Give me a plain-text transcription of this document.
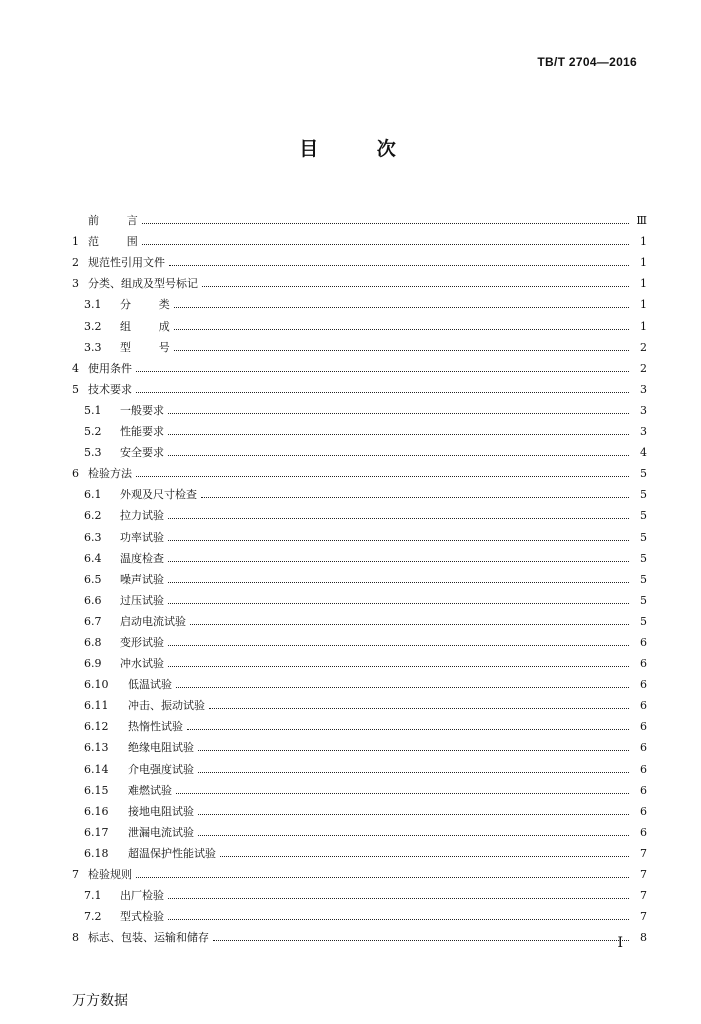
TB/T 2704—2016
目 次
前 言	Ⅲ
1 范 围	1
2 规范性引用文件	1
3 分类、组成及型号标记	1
3.1	分 类	1
3.2	组 成	1
3.3	型 号	2
4 使用条件	2
5 技术要求	3
5.1	一般要求	3
5.2	性能要求	3
5.3	安全要求	4
6 检验方法	5
6.1	外观及尺寸检查	5
6.2	拉力试验	5
6.3	功率试验	5
6.4	温度检查	5
6.5	噪声试验	5
6.6	过压试验	5
6.7	启动电流试验	5
6.8	变形试验	6
6.9	冲水试验	6
6.10	低温试验	6
6.11	冲击、振动试验	6
6.12	热惰性试验	6
6.13	绝缘电阻试验	6
6.14	介电强度试验	6
6.15	难燃试验	6
6.16	接地电阻试验	6
6.17	泄漏电流试验	6
6.18	超温保护性能试验	7
7 检验规则	7
7.1	出厂检验	7
7.2	型式检验	7
8 标志、包装、运输和储存	8
I
万方数据
